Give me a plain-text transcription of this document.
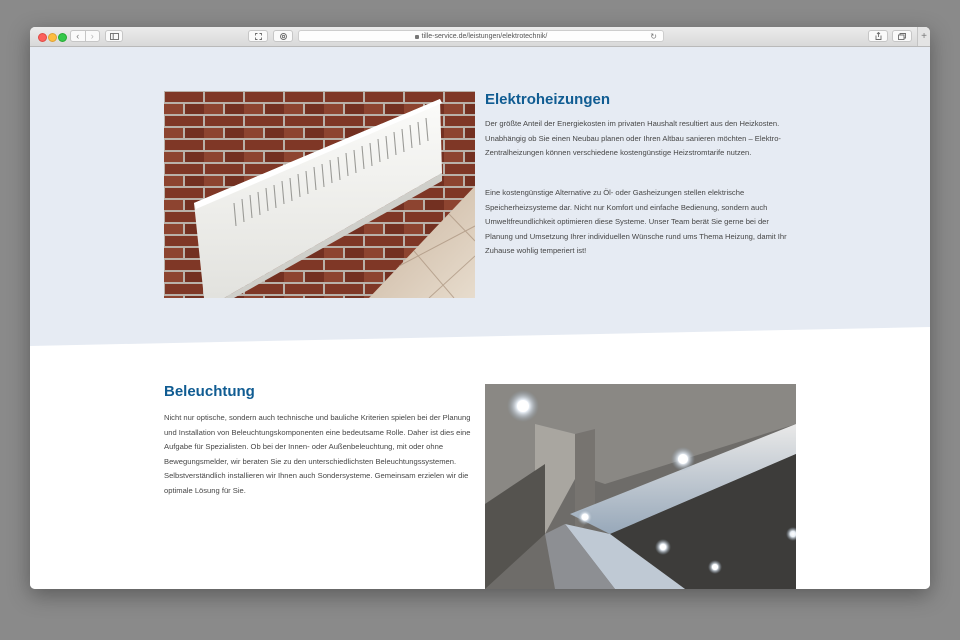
‹	›	tille-service.de/leistungen/elektrotechnik/	↻	+
Elektroheizungen

Der größte Anteil der Energiekosten im privaten Haushalt resultiert aus den Heizkosten. Unabhängig ob Sie einen Neubau planen oder Ihren Altbau sanieren möchten – Elektro-Zentralheizungen können verschiedene kostengünstige Heizstromtarife nutzen.

Eine kostengünstige Alternative zu Öl- oder Gasheizungen stellen elektrische Speicherheizsysteme dar. Nicht nur Komfort und einfache Bedienung, sondern auch Umweltfreundlichkeit optimieren diese Systeme. Unser Team berät Sie gerne bei der Planung und Umsetzung Ihrer individuellen Wünsche rund ums Thema Heizung, damit Ihr Zuhause wohlig temperiert ist!

Beleuchtung

Nicht nur optische, sondern auch technische und bauliche Kriterien spielen bei der Planung und Installation von Beleuchtungskomponenten eine bedeutsame Rolle. Daher ist dies eine Aufgabe für Spezialisten. Ob bei der Innen- oder Außenbeleuchtung, mit oder ohne Bewegungsmelder, wir beraten Sie zu den unterschiedlichsten Beleuchtungssystemen. Selbstverständlich installieren wir Ihnen auch Sondersysteme. Gemeinsam erzielen wir die optimale Lösung für Sie.
